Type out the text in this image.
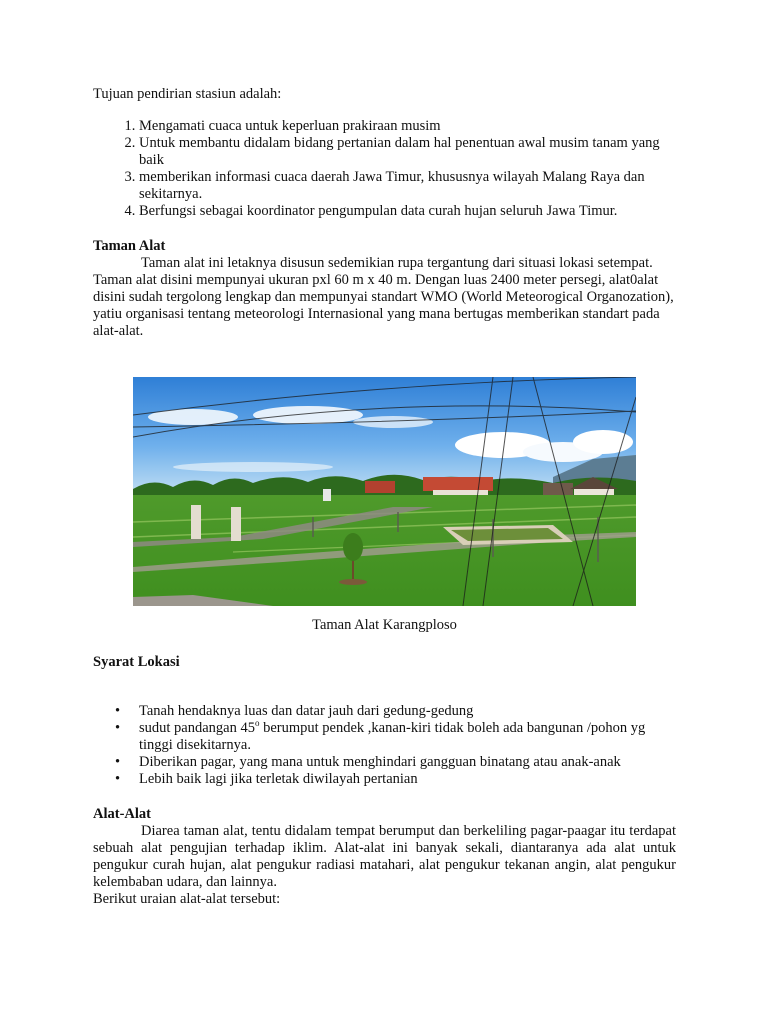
Tujuan pendirian stasiun adalah:

1. Mengamati cuaca untuk keperluan prakiraan musim
2. Untuk membantu didalam bidang pertanian dalam hal penentuan awal musim tanam yang baik
3. memberikan informasi cuaca daerah Jawa Timur, khususnya wilayah Malang Raya dan sekitarnya.
4. Berfungsi sebagai koordinator pengumpulan data curah hujan seluruh Jawa Timur.
Taman Alat

Taman alat ini letaknya disusun sedemikian rupa tergantung dari situasi lokasi setempat. Taman alat disini mempunyai ukuran pxl 60 m x 40 m. Dengan luas 2400 meter persegi, alat0alat disini sudah tergolong lengkap dan mempunyai standart WMO (World Meteorogical Organozation), yatiu organisasi tentang meteorologi Internasional yang mana bertugas memberikan standart pada alat-alat.

Taman Alat Karangploso

Syarat Lokasi
• Tanah hendaknya luas dan datar jauh dari gedung-gedung
• sudut pandangan 45$^o$ berumput pendek ,kanan-kiri tidak boleh ada bangunan /pohon yg tinggi disekitarnya.
• Diberikan pagar, yang mana untuk menghindari gangguan binatang atau anak-anak
• Lebih baik lagi jika terletak diwilayah pertanian
Alat-Alat

Diarea taman alat, tentu didalam tempat berumput dan berkeliling pagar-paagar itu terdapat sebuah alat pengujian terhadap iklim. Alat-alat ini banyak sekali, diantaranya ada alat untuk pengukur curah hujan, alat pengukur radiasi matahari, alat pengukur tekanan angin, alat pengukur kelembaban udara, dan lainnya.

Berikut uraian alat-alat tersebut:
